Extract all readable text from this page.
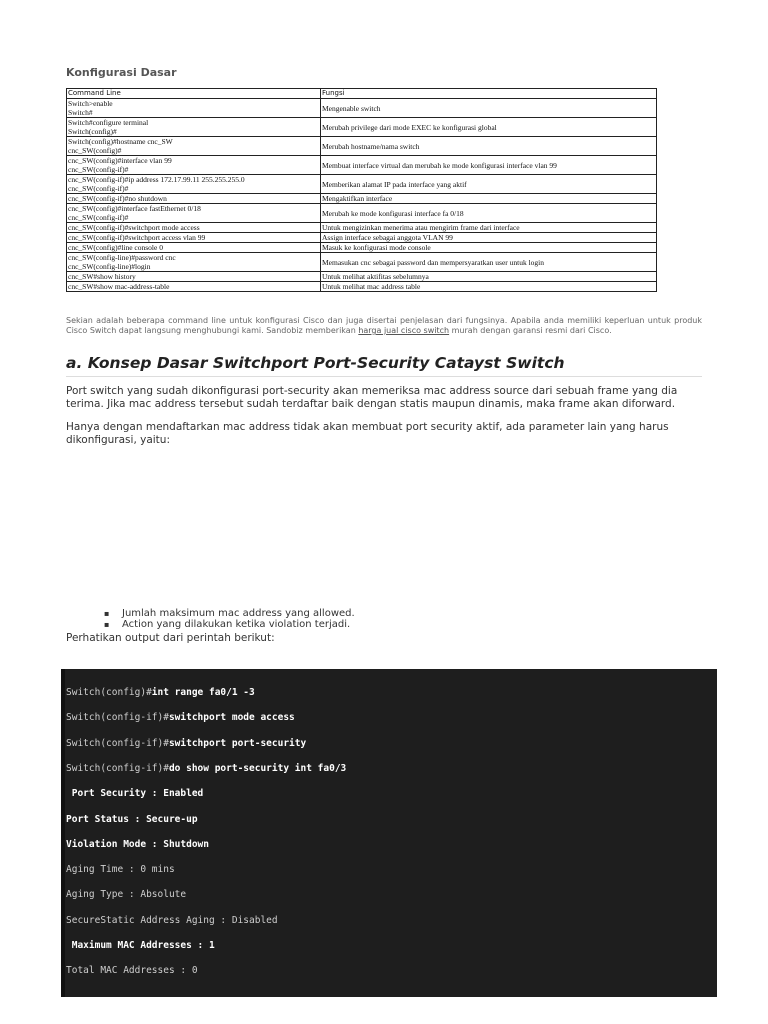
Konfigurasi Dasar
Command Line	Fungsi

Switch>enable
Switch#	Mengenable switch

Switch#configure terminal
Switch(config)#	Merubah privilege dari mode EXEC ke konfigurasi global

Switch(config)#hostname cnc_SW
cnc_SW(config)#	Merubah hostname/nama switch

cnc_SW(config)#interface vlan 99
cnc_SW(config-if)#	Membuat interface virtual dan merubah ke mode konfigurasi interface vlan 99

cnc_SW(config-if)#ip address 172.17.99.11 255.255.255.0
cnc_SW(config-if)#	Memberikan alamat IP pada interface yang aktif

cnc_SW(config-if)#no shutdown	Mengaktifkan interface

cnc_SW(config)#interface fastEthernet 0/18
cnc_SW(config-if)#	Merubah ke mode konfigurasi interface fa 0/18

cnc_SW(config-if)#switchport mode access	Untuk mengizinkan menerima atau mengirim frame dari interface

cnc_SW(config-if)#switchport access vlan 99	Assign interface sebagai anggota VLAN 99

cnc_SW(config)#line console 0	Masuk ke konfigurasi mode console

cnc_SW(config-line)#password cnc
cnc_SW(config-line)#login	Memasukan cnc sebagai password dan mempersyaratkan user untuk login

cnc_SW#show history	Untuk melihat aktifitas sebelumnya

cnc_SW#show mac-address-table	Untuk melihat mac address table
Sekian adalah beberapa command line untuk konfigurasi Cisco dan juga disertai penjelasan dari fungsinya. Apabila anda memiliki keperluan untuk produk Cisco Switch dapat langsung menghubungi kami. Sandobiz memberikan harga jual cisco switch murah dengan garansi resmi dari Cisco.
a. Konsep Dasar Switchport Port-Security Catayst Switch

Port switch yang sudah dikonfigurasi port-security akan memeriksa mac address source dari sebuah frame yang dia terima. Jika mac address tersebut sudah terdaftar baik dengan statis maupun dinamis, maka frame akan diforward.

Hanya dengan mendaftarkan mac address tidak akan membuat port security aktif, ada parameter lain yang harus dikonfigurasi, yaitu:

▪ Jumlah maksimum mac address yang allowed.
▪ Action yang dilakukan ketika violation terjadi.

Perhatikan output dari perintah berikut:

Switch(config)#int range fa0/1 -3
Switch(config-if)#switchport mode access
Switch(config-if)#switchport port-security
Switch(config-if)#do show port-security int fa0/3
Port Security : Enabled
Port Status : Secure-up
Violation Mode : Shutdown
Aging Time : 0 mins
Aging Type : Absolute
SecureStatic Address Aging : Disabled
Maximum MAC Addresses : 1
Total MAC Addresses : 0
